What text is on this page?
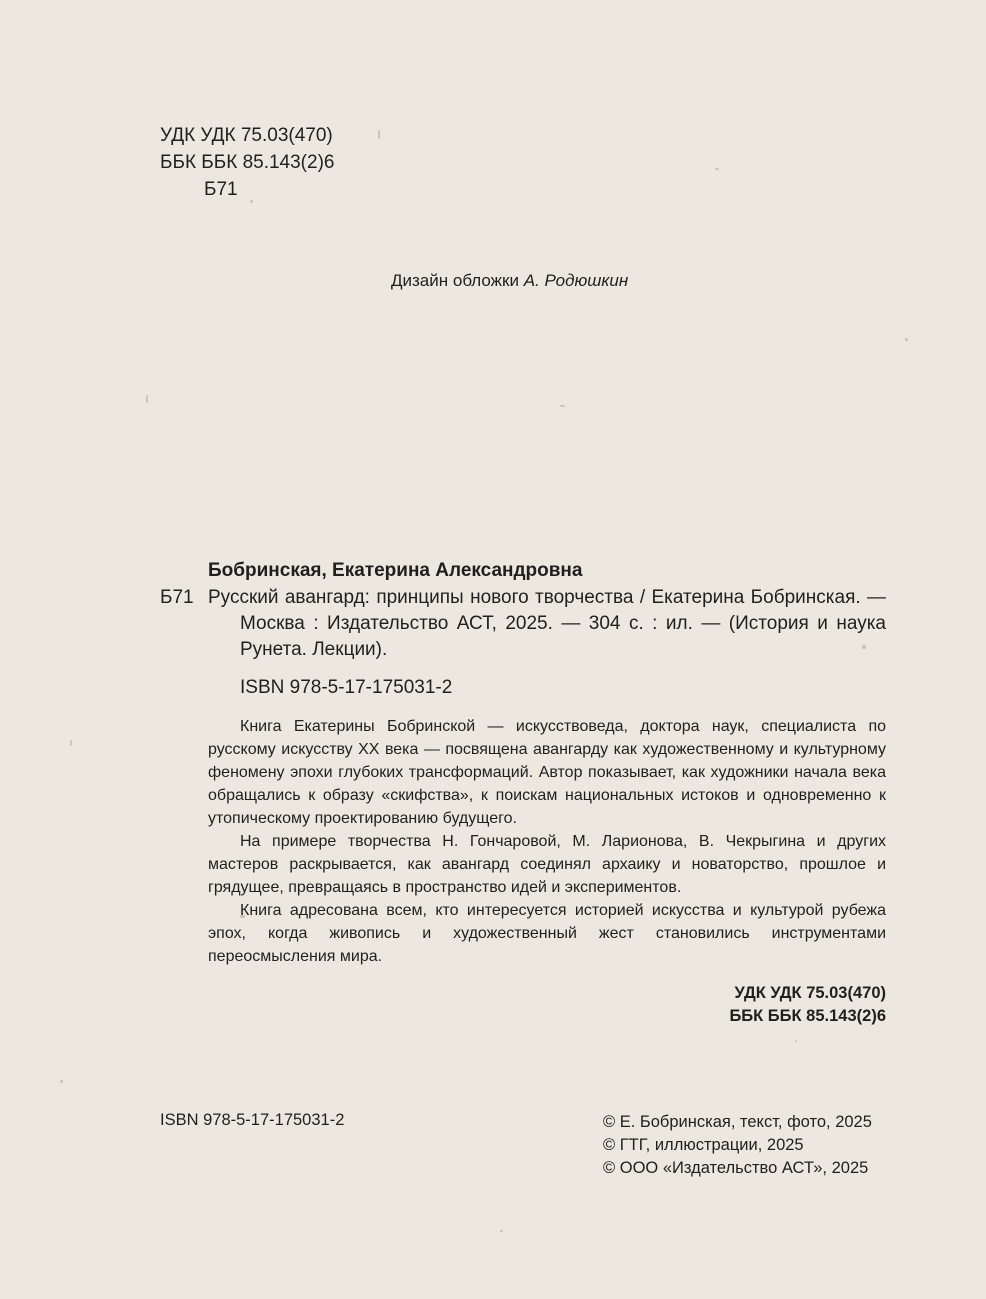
УДК УДК 75.03(470)
ББК ББК 85.143(2)6
Б71
Дизайн обложки А. Родюшкин
Бобринская, Екатерина Александровна
Б71 Русский авангард: принципы нового творчества / Екатерина Бобринская. — Москва : Издательство АСТ, 2025. — 304 с. : ил. — (История и наука Рунета. Лекции).
ISBN 978-5-17-175031-2

Книга Екатерины Бобринской — искусствоведа, доктора наук, специалиста по русскому искусству XX века — посвящена авангарду как художественному и культурному феномену эпохи глубоких трансформаций. Автор показывает, как художники начала века обращались к образу «скифства», к поискам национальных истоков и одновременно к утопическому проектированию будущего.

На примере творчества Н. Гончаровой, М. Ларионова, В. Чекрыгина и других мастеров раскрывается, как авангард соединял архаику и новаторство, прошлое и грядущее, превращаясь в пространство идей и экспериментов.

Книга адресована всем, кто интересуется историей искусства и культурой рубежа эпох, когда живопись и художественный жест становились инструментами переосмысления мира.

УДК УДК 75.03(470)
ББК ББК 85.143(2)6
ISBN 978-5-17-175031-2	© Е. Бобринская, текст, фото, 2025
© ГТГ, иллюстрации, 2025
© ООО «Издательство АСТ», 2025
